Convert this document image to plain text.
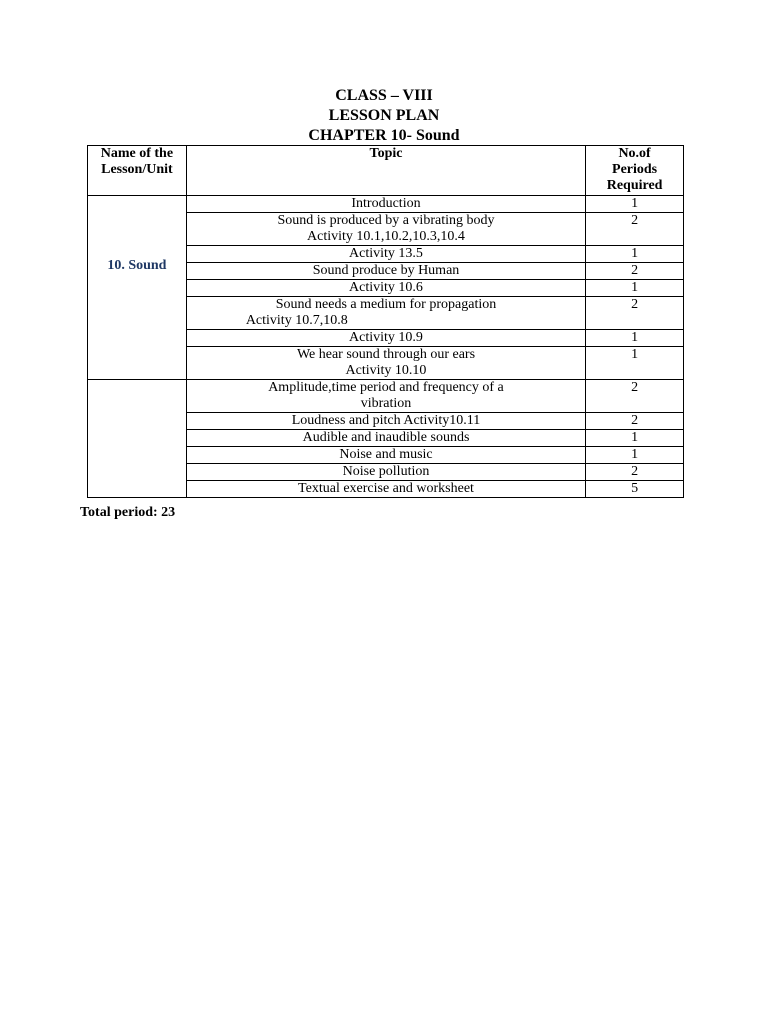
CLASS – VIII
LESSON PLAN
CHAPTER 10- Sound
Name of the
Lesson/Unit	Topic	No.of
Periods
Required

10. Sound	Introduction	1

	Sound is produced by a vibrating body
Activity 10.1,10.2,10.3,10.4	2
	Activity 13.5	1
	Sound produce by Human	2
	Activity 10.6	1

	Sound needs a medium for propagation
Activity 10.7,10.8	2
	Activity 10.9	1

	We hear sound through our ears
Activity 10.10	1

	Amplitude,time period and frequency of a
vibration	2
	Loudness and pitch Activity10.11	2
	Audible and inaudible sounds	1
	Noise and music	1
	Noise pollution	2
	Textual exercise and worksheet	5
Total period: 23
